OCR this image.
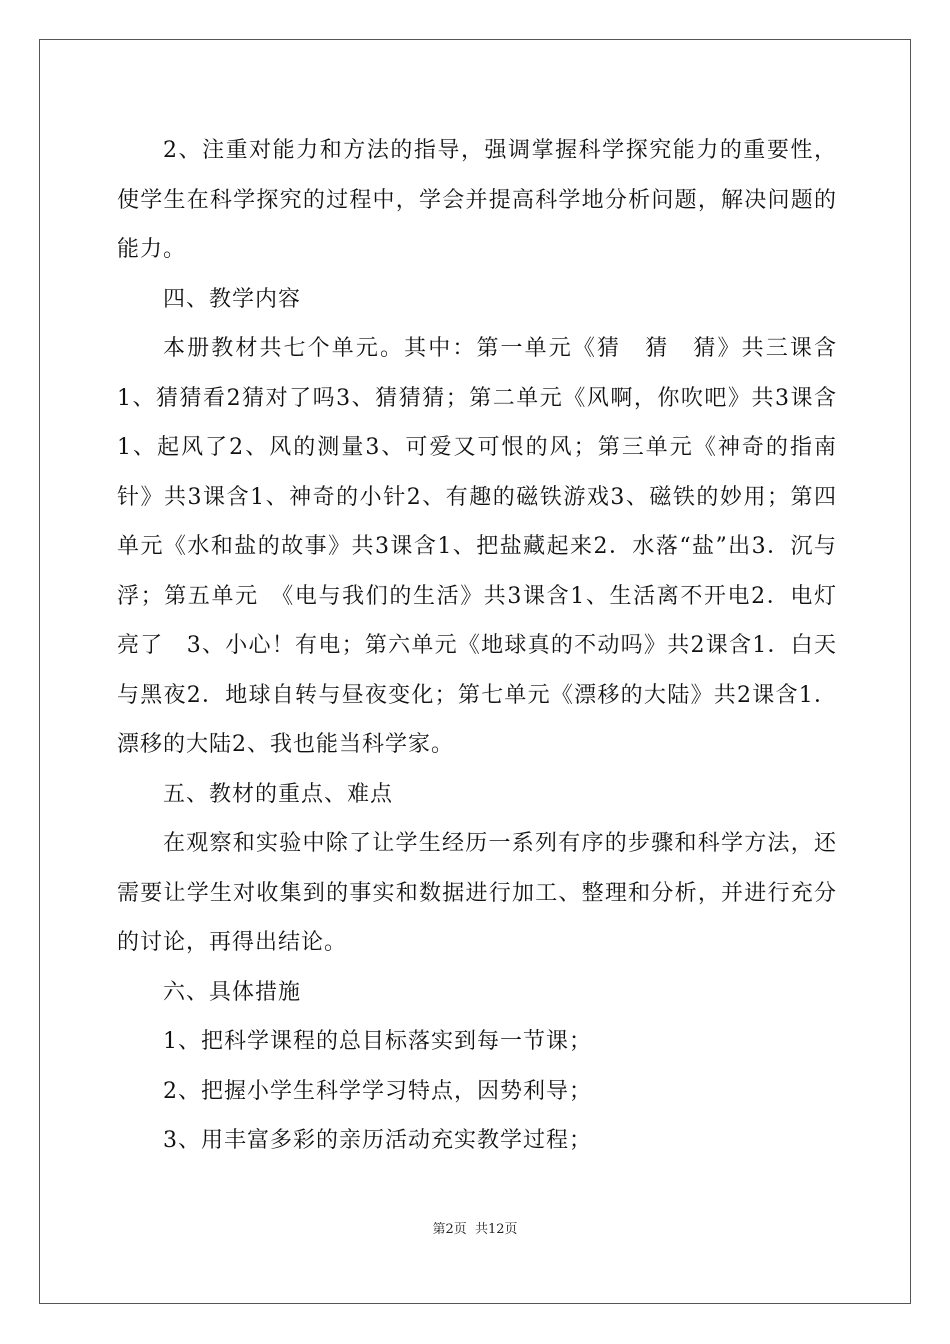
2、注重对能力和方法的指导，强调掌握科学探究能力的重要性，使学生在科学探究的过程中，学会并提高科学地分析问题，解决问题的能力。

四、教学内容

本册教材共七个单元。其中：第一单元《猜　猜　猜》共三课含1、猜猜看2猜对了吗3、猜猜猜；第二单元《风啊，你吹吧》共3课含1、起风了2、风的测量3、可爱又可恨的风；第三单元《神奇的指南针》共3课含1、神奇的小针2、有趣的磁铁游戏3、磁铁的妙用；第四单元《水和盐的故事》共3课含1、把盐藏起来2．水落“盐”出3．沉与浮；第五单元　《电与我们的生活》共3课含1、生活离不开电2．电灯亮了　3、小心！有电；第六单元《地球真的不动吗》共2课含1．白天与黑夜2．地球自转与昼夜变化；第七单元《漂移的大陆》共2课含1．漂移的大陆2、我也能当科学家。

五、教材的重点、难点

在观察和实验中除了让学生经历一系列有序的步骤和科学方法，还需要让学生对收集到的事实和数据进行加工、整理和分析，并进行充分的讨论，再得出结论。

六、具体措施

1、把科学课程的总目标落实到每一节课；

2、把握小学生科学学习特点，因势利导；

3、用丰富多彩的亲历活动充实教学过程；

第2页 共12页
